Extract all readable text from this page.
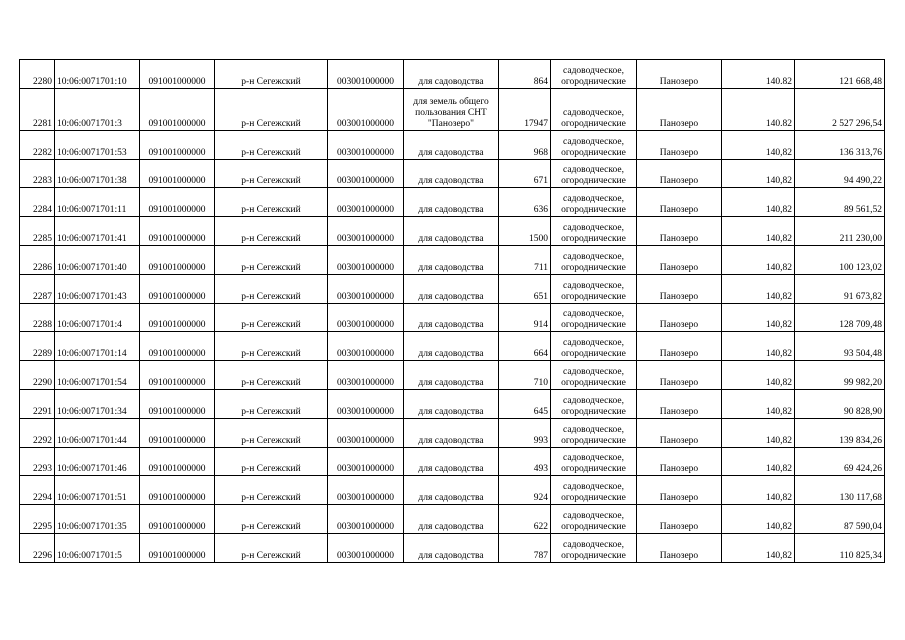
2280	10:06:0071701:10	091001000000	р-н Сегежский	003001000000	для садоводства	864	садоводческое, огороднические	Панозеро	140.82	121 668,48
2281	10:06:0071701:3	091001000000	р-н Сегежский	003001000000	для земель общего пользования СНТ "Панозеро"	17947	садоводческое, огороднические	Панозеро	140.82	2 527 296,54
2282	10:06:0071701:53	091001000000	р-н Сегежский	003001000000	для садоводства	968	садоводческое, огороднические	Панозеро	140,82	136 313,76
2283	10:06:0071701:38	091001000000	р-н Сегежский	003001000000	для садоводства	671	садоводческое, огороднические	Панозеро	140,82	94 490,22
2284	10:06:0071701:11	091001000000	р-н Сегежский	003001000000	для садоводства	636	садоводческое, огороднические	Панозеро	140,82	89 561,52
2285	10:06:0071701:41	091001000000	р-н Сегежский	003001000000	для садоводства	1500	садоводческое, огороднические	Панозеро	140,82	211 230,00
2286	10:06:0071701:40	091001000000	р-н Сегежский	003001000000	для садоводства	711	садоводческое, огороднические	Панозеро	140,82	100 123,02
2287	10:06:0071701:43	091001000000	р-н Сегежский	003001000000	для садоводства	651	садоводческое, огороднические	Панозеро	140,82	91 673,82
2288	10:06:0071701:4	091001000000	р-н Сегежский	003001000000	для садоводства	914	садоводческое, огороднические	Панозеро	140,82	128 709,48
2289	10:06:0071701:14	091001000000	р-н Сегежский	003001000000	для садоводства	664	садоводческое, огороднические	Панозеро	140,82	93 504,48
2290	10:06:0071701:54	091001000000	р-н Сегежский	003001000000	для садоводства	710	садоводческое, огороднические	Панозеро	140,82	99 982,20
2291	10:06:0071701:34	091001000000	р-н Сегежский	003001000000	для садоводства	645	садоводческое, огороднические	Панозеро	140,82	90 828,90
2292	10:06:0071701:44	091001000000	р-н Сегежский	003001000000	для садоводства	993	садоводческое, огороднические	Панозеро	140,82	139 834,26
2293	10:06:0071701:46	091001000000	р-н Сегежский	003001000000	для садоводства	493	садоводческое, огороднические	Панозеро	140,82	69 424,26
2294	10:06:0071701:51	091001000000	р-н Сегежский	003001000000	для садоводства	924	садоводческое, огороднические	Панозеро	140,82	130 117,68
2295	10:06:0071701:35	091001000000	р-н Сегежский	003001000000	для садоводства	622	садоводческое, огороднические	Панозеро	140,82	87 590,04
2296	10:06:0071701:5	091001000000	р-н Сегежский	003001000000	для садоводства	787	садоводческое, огороднические	Панозеро	140,82	110 825,34
